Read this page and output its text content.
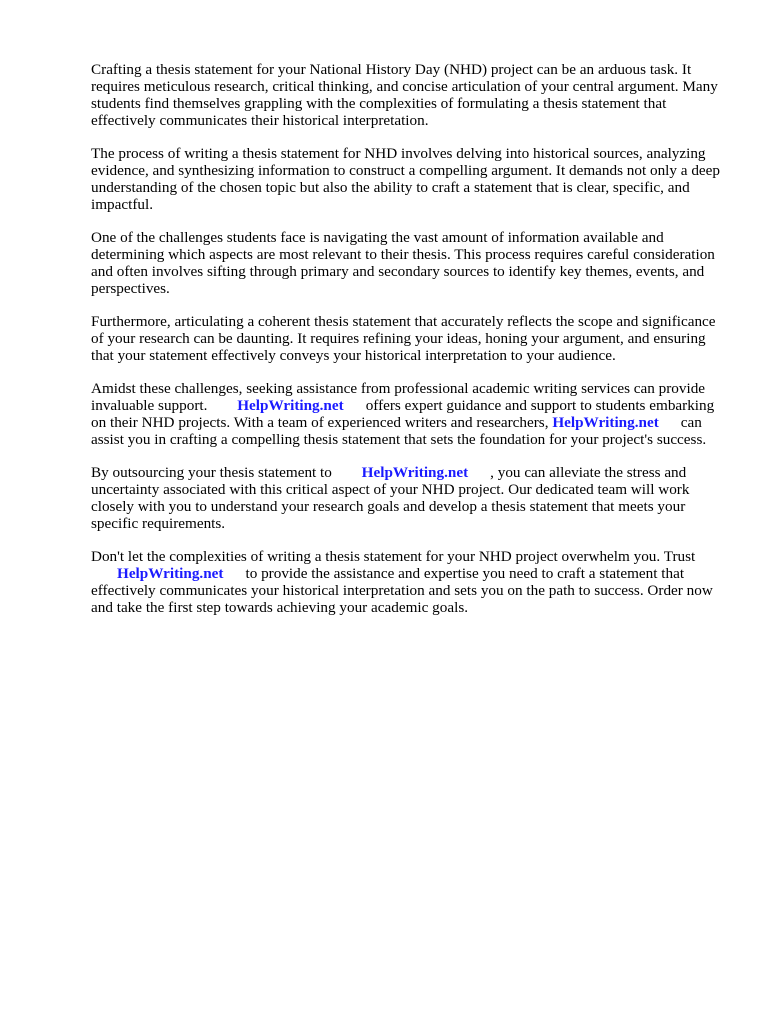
Crafting a thesis statement for your National History Day (NHD) project can be an arduous task. It requires meticulous research, critical thinking, and concise articulation of your central argument. Many students find themselves grappling with the complexities of formulating a thesis statement that effectively communicates their historical interpretation.

The process of writing a thesis statement for NHD involves delving into historical sources, analyzing evidence, and synthesizing information to construct a compelling argument. It demands not only a deep understanding of the chosen topic but also the ability to craft a statement that is clear, specific, and impactful.

One of the challenges students face is navigating the vast amount of information available and determining which aspects are most relevant to their thesis. This process requires careful consideration and often involves sifting through primary and secondary sources to identify key themes, events, and perspectives.

Furthermore, articulating a coherent thesis statement that accurately reflects the scope and significance of your research can be daunting. It requires refining your ideas, honing your argument, and ensuring that your statement effectively conveys your historical interpretation to your audience.

Amidst these challenges, seeking assistance from professional academic writing services can provide invaluable support. HelpWriting.net offers expert guidance and support to students embarking on their NHD projects. With a team of experienced writers and researchers, HelpWriting.net can assist you in crafting a compelling thesis statement that sets the foundation for your project's success.

By outsourcing your thesis statement to HelpWriting.net , you can alleviate the stress and uncertainty associated with this critical aspect of your NHD project. Our dedicated team will work closely with you to understand your research goals and develop a thesis statement that meets your specific requirements.

Don't let the complexities of writing a thesis statement for your NHD project overwhelm you. Trust HelpWriting.net to provide the assistance and expertise you need to craft a statement that effectively communicates your historical interpretation and sets you on the path to success. Order now and take the first step towards achieving your academic goals.
